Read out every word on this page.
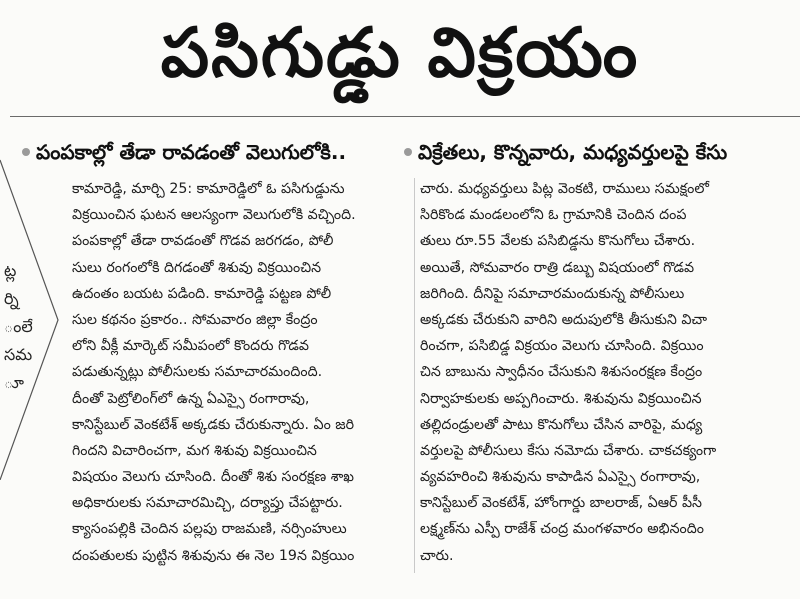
పసిగుడ్డు విక్రయం
ట్ల
ర్ని
ంలే
సమ
ూ
పంపకాల్లో తేడా రావడంతో వెలుగులోకి..	విక్రేతలు, కొన్నవారు, మధ్యవర్తులపై కేసు
కామారెడ్డి, మార్చి 25: కామారెడ్డిలో ఓ పసిగుడ్డును
విక్రయించిన ఘటన ఆలస్యంగా వెలుగులోకి వచ్చింది.
పంపకాల్లో తేడా రావడంతో గొడవ జరగడం, పోలీ
సులు రంగంలోకి దిగడంతో శిశువు విక్రయించిన
ఉదంతం బయట పడింది. కామారెడ్డి పట్టణ పోలీ
సుల కథనం ప్రకారం.. సోమవారం జిల్లా కేంద్రం
లోని వీక్లీ మార్కెట్ సమీపంలో కొందరు గొడవ
పడుతున్నట్లు పోలీసులకు సమాచారమందింది.
దీంతో పెట్రోలింగ్‌లో ఉన్న ఏఎస్సై రంగారావు,
కానిస్టేబుల్ వెంకటేశ్ అక్కడకు చేరుకున్నారు. ఏం జరి
గిందని విచారించగా, మగ శిశువు విక్రయించిన
విషయం వెలుగు చూసింది. దీంతో శిశు సంరక్షణ శాఖ
అధికారులకు సమాచారమిచ్చి, దర్యాప్తు చేపట్టారు.
క్యాసంపల్లికి చెందిన పల్లపు రాజమణి, నర్సింహులు
దంపతులకు పుట్టిన శిశువును ఈ నెల 19న విక్రయిం
చారు. మధ్యవర్తులు పిట్ల వెంకటి, రాములు సమక్షంలో
సిరికొండ మండలంలోని ఓ గ్రామానికి చెందిన దంప
తులు రూ.55 వేలకు పసిబిడ్డను కొనుగోలు చేశారు.
అయితే, సోమవారం రాత్రి డబ్బు విషయంలో గొడవ
జరిగింది. దీనిపై సమాచారమందుకున్న పోలీసులు
అక్కడకు చేరుకుని వారిని అదుపులోకి తీసుకుని విచా
రించగా, పసిబిడ్డ విక్రయం వెలుగు చూసింది. విక్రయిం
చిన బాబును స్వాధీనం చేసుకుని శిశుసంరక్షణ కేంద్రం
నిర్వాహకులకు అప్పగించారు. శిశువును విక్రయించిన
తల్లిదండ్రులతో పాటు కొనుగోలు చేసిన వారిపై, మధ్య
వర్తులపై పోలీసులు కేసు నమోదు చేశారు. చాకచక్యంగా
వ్యవహరించి శిశువును కాపాడిన ఏఎస్సై రంగారావు,
కానిస్టేబుల్ వెంకటేశ్, హోంగార్డు బాలరాజ్, ఏఆర్ పీసీ
లక్ష్మణ్‌ను ఎస్పీ రాజేశ్ చంద్ర మంగళవారం అభినందిం
చారు.
